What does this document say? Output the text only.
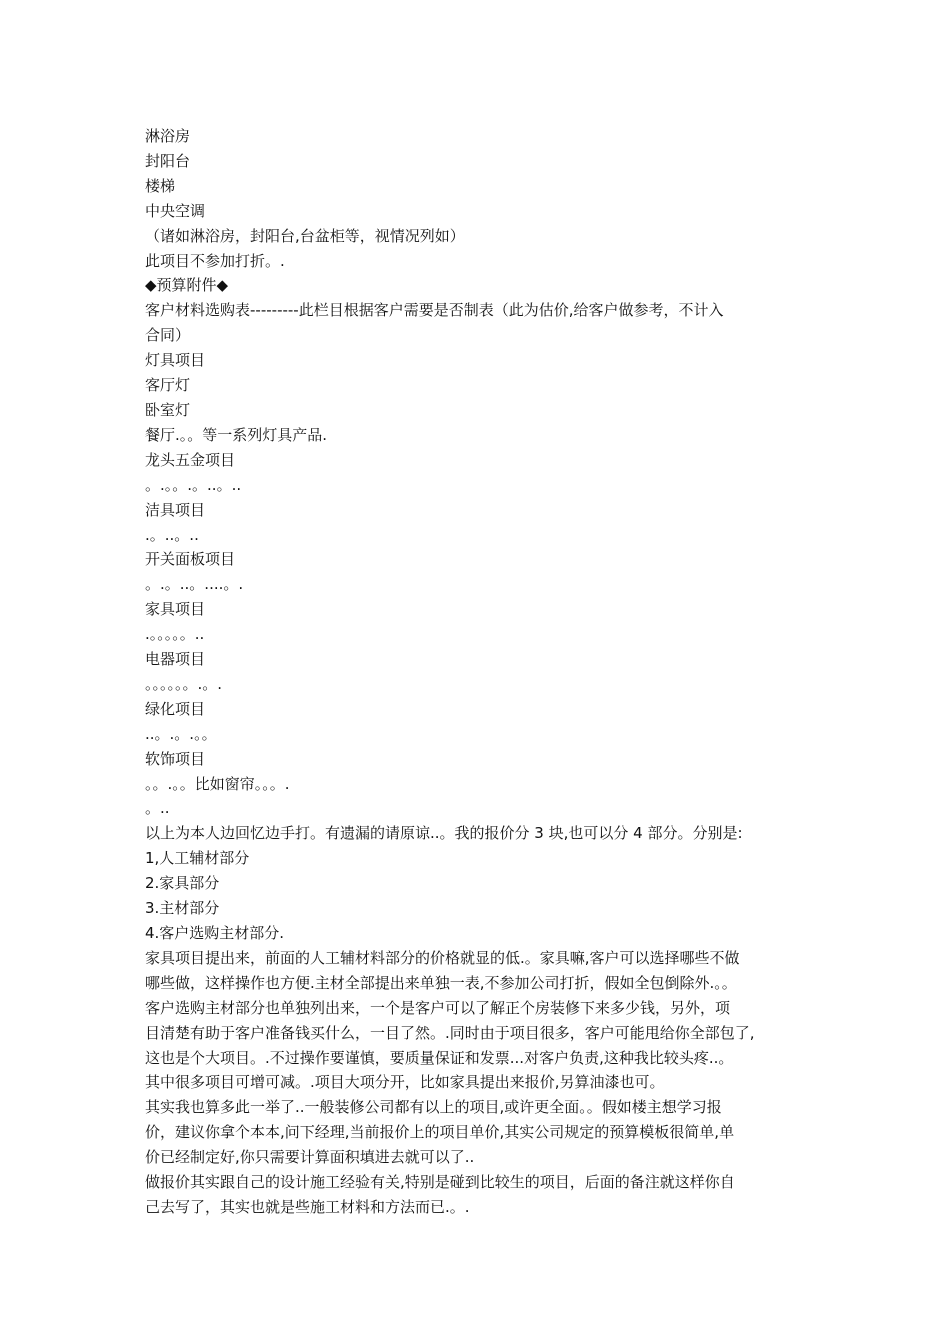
淋浴房

封阳台

楼梯

中央空调

（诸如淋浴房，封阳台,台盆柜等，视情况列如）

此项目不参加打折。.

◆预算附件◆

客户材料选购表---------此栏目根据客户需要是否制表（此为估价,给客户做参考，不计入

合同）

灯具项目

客厅灯

卧室灯

餐厅.。。等一系列灯具产品.

龙头五金项目

。.。。.。..。..

洁具项目

.。..。..

开关面板项目

。.。..。....。.

家具项目

.。。。。。..

电器项目

。。。。。。.。.

绿化项目

..。.。.。。

软饰项目

。。.。。比如窗帘。。。.

。..

以上为本人边回忆边手打。有遗漏的请原谅..。我的报价分 3 块,也可以分 4 部分。分别是:

1,人工辅材部分

2.家具部分

3.主材部分

4.客户选购主材部分.

家具项目提出来，前面的人工辅材料部分的价格就显的低.。家具嘛,客户可以选择哪些不做

哪些做，这样操作也方便.主材全部提出来单独一表,不参加公司打折，假如全包倒除外.。。

客户选购主材部分也单独列出来，一个是客户可以了解正个房装修下来多少钱，另外，项

目清楚有助于客户准备钱买什么，一目了然。.同时由于项目很多，客户可能甩给你全部包了,

这也是个大项目。.不过操作要谨慎，要质量保证和发票...对客户负责,这种我比较头疼..。

其中很多项目可增可减。.项目大项分开，比如家具提出来报价,另算油漆也可。

其实我也算多此一举了..一般装修公司都有以上的项目,或许更全面。。假如楼主想学习报

价，建议你拿个本本,问下经理,当前报价上的项目单价,其实公司规定的预算模板很简单,单

价已经制定好,你只需要计算面积填进去就可以了..

做报价其实跟自己的设计施工经验有关,特别是碰到比较生的项目，后面的备注就这样你自

己去写了，其实也就是些施工材料和方法而已.。.
